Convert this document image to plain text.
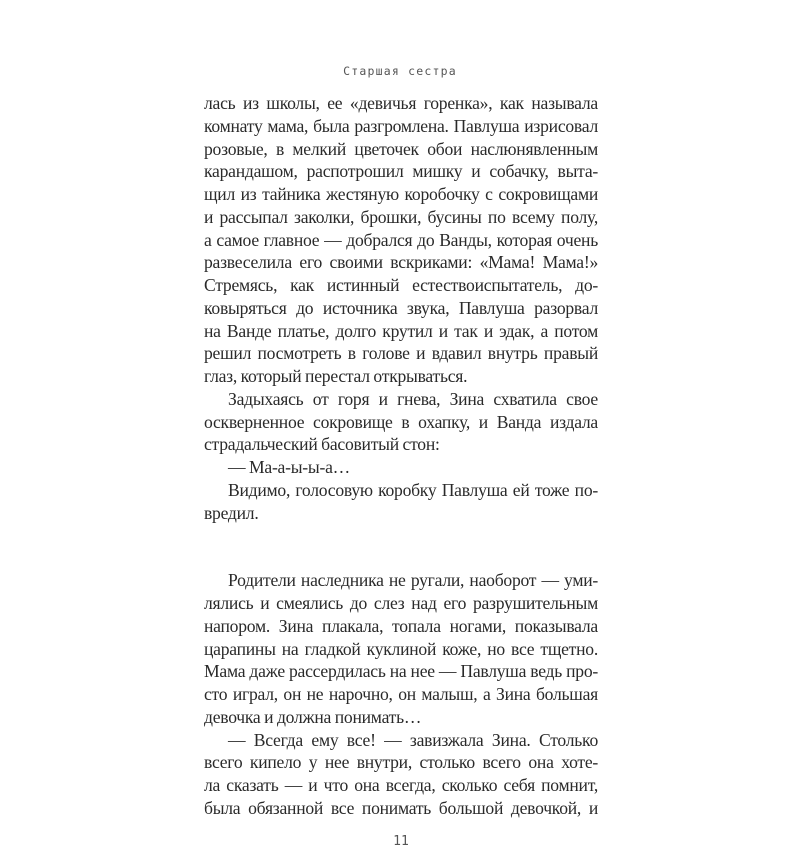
Старшая сестра
лась из школы, ее «девичья горенка», как называла
комнату мама, была разгромлена. Павлуша изрисовал
розовые, в мелкий цветочек обои наслюнявленным
карандашом, распотрошил мишку и собачку, выта-
щил из тайника жестяную коробочку с сокровищами
и рассыпал заколки, брошки, бусины по всему полу,
а самое главное — добрался до Ванды, которая очень
развеселила его своими вскриками: «Мама! Мама!»
Стремясь, как истинный естествоиспытатель, до-
ковыряться до источника звука, Павлуша разорвал
на Ванде платье, долго крутил и так и эдак, а потом
решил посмотреть в голове и вдавил внутрь правый
глаз, который перестал открываться.
Задыхаясь от горя и гнева, Зина схватила свое
оскверненное сокровище в охапку, и Ванда издала
страдальческий басовитый стон:
— Ма-а-ы-ы-а…
Видимо, голосовую коробку Павлуша ей тоже по-
вредил.
Родители наследника не ругали, наоборот — уми-
лялись и смеялись до слез над его разрушительным
напором. Зина плакала, топала ногами, показывала
царапины на гладкой куклиной коже, но все тщетно.
Мама даже рассердилась на нее — Павлуша ведь про-
сто играл, он не нарочно, он малыш, а Зина большая
девочка и должна понимать…
— Всегда ему все! — завизжала Зина. Столько
всего кипело у нее внутри, столько всего она хоте-
ла сказать — и что она всегда, сколько себя помнит,
была обязанной все понимать большой девочкой, и
11
